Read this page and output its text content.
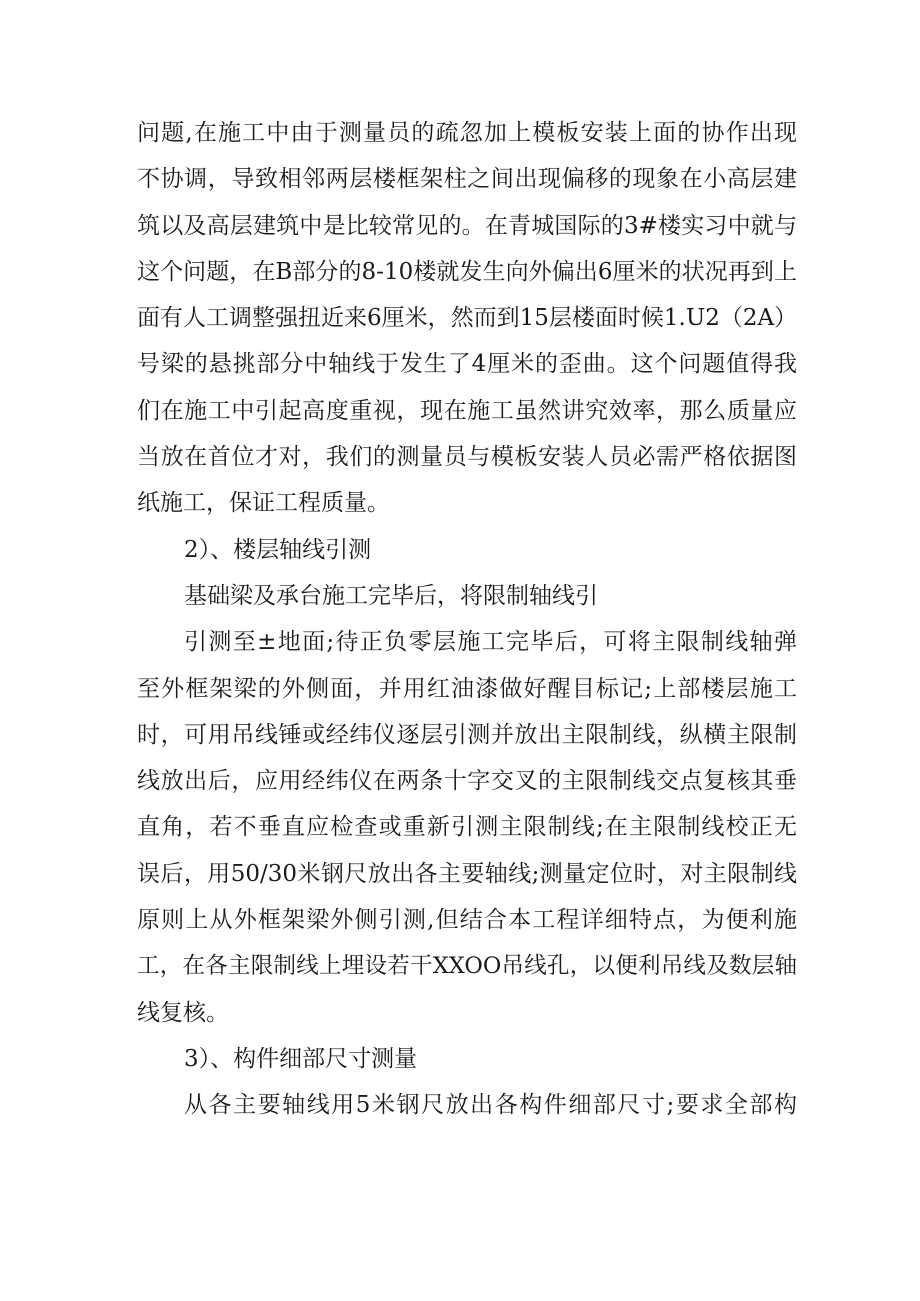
问题,在施工中由于测量员的疏忽加上模板安装上面的协作出现
不协调，导致相邻两层楼框架柱之间出现偏移的现象在小高层建
筑以及高层建筑中是比较常见的。在青城国际的3#楼实习中就与
这个问题，在B部分的8-10楼就发生向外偏出6厘米的状况再到上
面有人工调整强扭近来6厘米，然而到15层楼面时候1.U2（2A）
号梁的悬挑部分中轴线于发生了4厘米的歪曲。这个问题值得我
们在施工中引起高度重视，现在施工虽然讲究效率，那么质量应
当放在首位才对，我们的测量员与模板安装人员必需严格依据图
纸施工，保证工程质量。
2）、楼层轴线引测
基础梁及承台施工完毕后，将限制轴线引
引测至±地面;待正负零层施工完毕后，可将主限制线轴弹
至外框架梁的外侧面，并用红油漆做好醒目标记;上部楼层施工
时，可用吊线锤或经纬仪逐层引测并放出主限制线，纵横主限制
线放出后，应用经纬仪在两条十字交叉的主限制线交点复核其垂
直角，若不垂直应检查或重新引测主限制线;在主限制线校正无
误后，用50/30米钢尺放出各主要轴线;测量定位时，对主限制线
原则上从外框架梁外侧引测,但结合本工程详细特点，为便利施
工，在各主限制线上埋设若干XXOO吊线孔，以便利吊线及数层轴
线复核。
3）、构件细部尺寸测量
从各主要轴线用5米钢尺放出各构件细部尺寸;要求全部构
